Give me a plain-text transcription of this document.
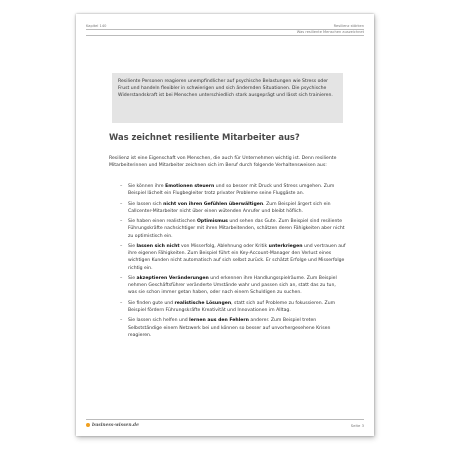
Kapitel 140	Resilienz stärken
Was resiliente Menschen auszeichnet
Resiliente Personen reagieren unempfindlicher auf psychische Belastungen wie Stress oder Frust und handeln flexibler in schwierigen und sich ändernden Situationen. Die psychische Widerstandskraft ist bei Menschen unterschiedlich stark ausgeprägt und lässt sich trainieren.
Was zeichnet resiliente Mitarbeiter aus?
Resilienz ist eine Eigenschaft von Menschen, die auch für Unternehmen wichtig ist. Denn resiliente Mitarbeiterinnen und Mitarbeiter zeichnen sich im Beruf durch folgende Verhaltensweisen aus:
– Sie können ihre Emotionen steuern und so besser mit Druck und Stress umgehen. Zum Beispiel lächelt ein Flugbegleiter trotz privater Probleme seine Fluggäste an.
– Sie lassen sich nicht von ihren Gefühlen überwältigen. Zum Beispiel ärgert sich ein Callcenter-Mitarbeiter nicht über einen wütenden Anrufer und bleibt höflich.
– Sie haben einen realistischen Optimismus und sehen das Gute. Zum Beispiel sind resiliente Führungskräfte nachsichtiger mit ihren Mitarbeitenden, schätzen deren Fähigkeiten aber nicht zu optimistisch ein.
– Sie lassen sich nicht von Misserfolg, Ablehnung oder Kritik unterkriegen und vertrauen auf ihre eigenen Fähigkeiten. Zum Beispiel führt ein Key-Account-Manager den Verlust eines wichtigen Kunden nicht automatisch auf sich selbst zurück. Er schätzt Erfolge und Misserfolge richtig ein.
– Sie akzeptieren Veränderungen und erkennen ihre Handlungsspielräume. Zum Beispiel nehmen Geschäftsführer veränderte Umstände wahr und passen sich an, statt das zu tun, was sie schon immer getan haben, oder nach einem Schuldigen zu suchen.
– Sie finden gute und realistische Lösungen, statt sich auf Probleme zu fokussieren. Zum Beispiel fördern Führungskräfte Kreativität und Innovationen im Alltag.
– Sie lassen sich helfen und lernen aus den Fehlern anderer. Zum Beispiel treten Selbstständige einem Netzwerk bei und können so besser auf unvorhergesehene Krisen reagieren.
business-wissen.de	Seite 3
